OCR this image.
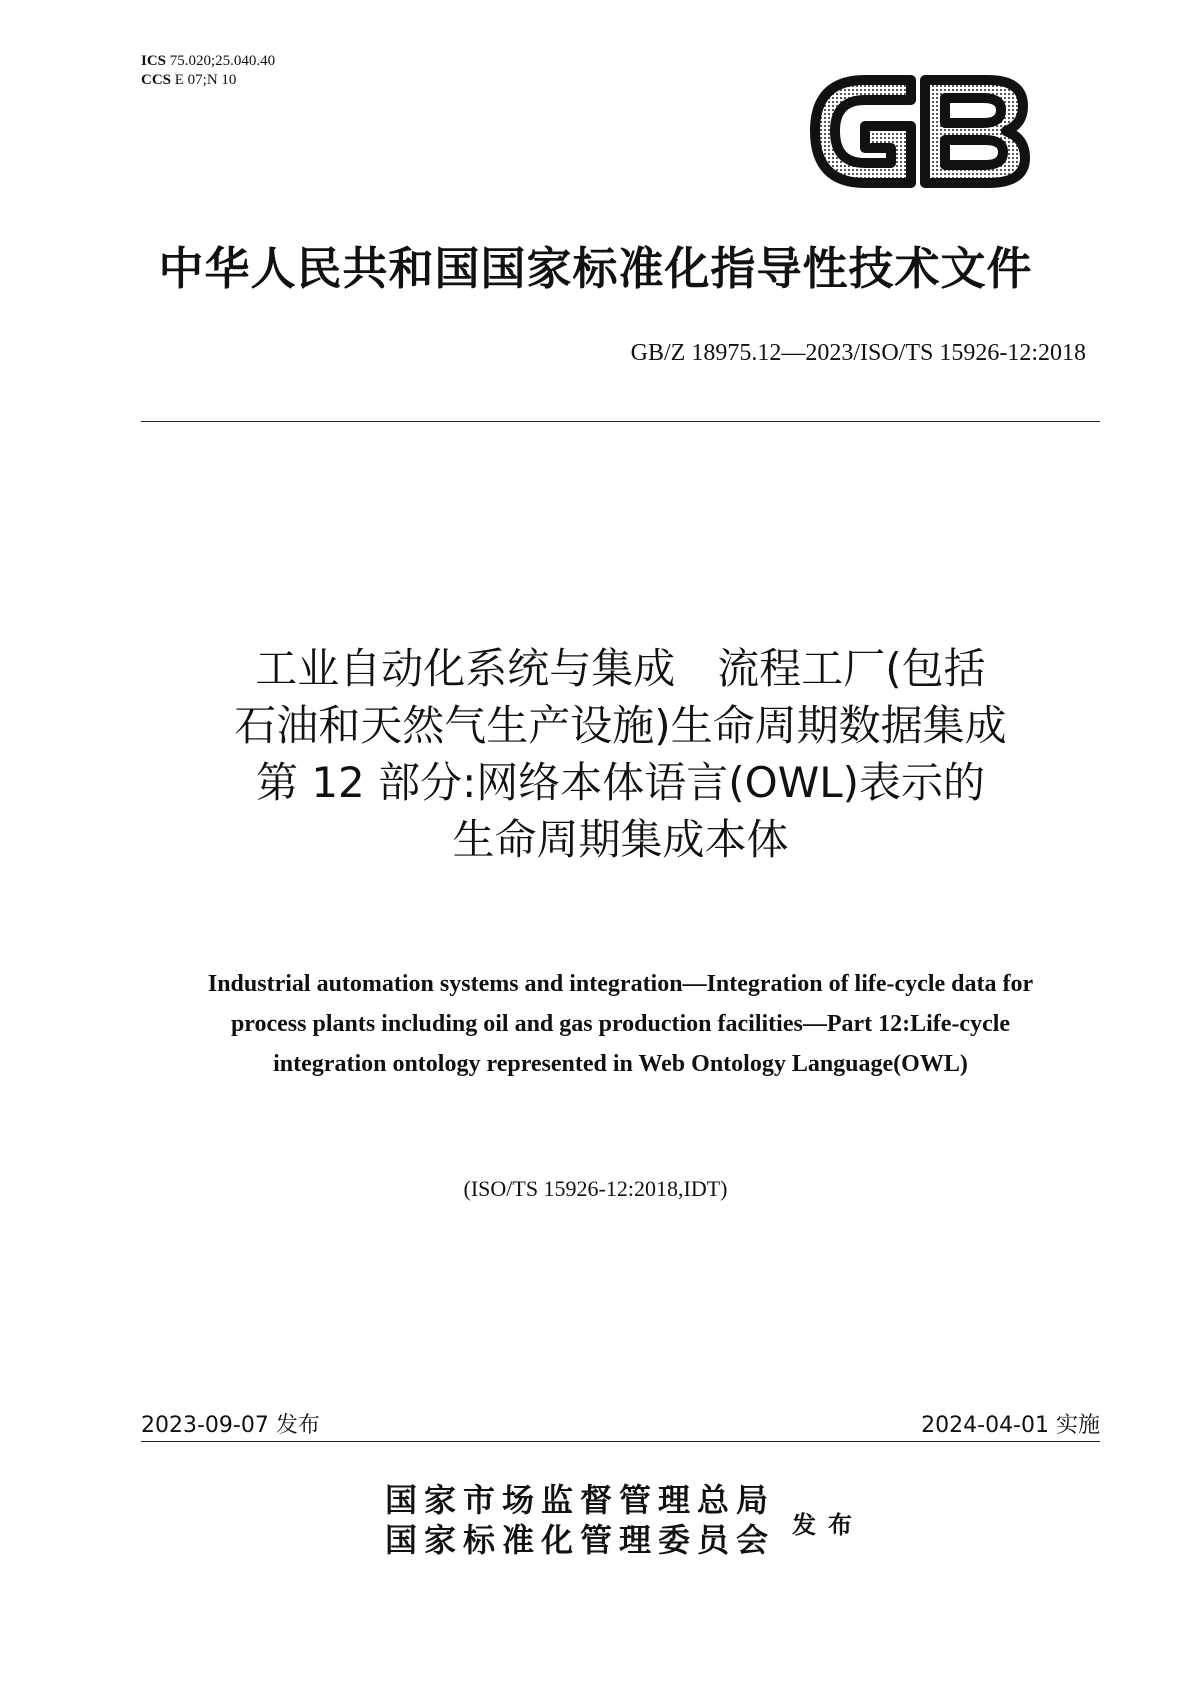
ICS 75.020;25.040.40
CCS E 07;N 10
中华人民共和国国家标准化指导性技术文件
GB/Z 18975.12—2023/ISO/TS 15926-12:2018
工业自动化系统与集成　流程工厂(包括
石油和天然气生产设施)生命周期数据集成
第 12 部分:网络本体语言(OWL)表示的
生命周期集成本体
Industrial automation systems and integration—Integration of life-cycle data for
process plants including oil and gas production facilities—Part 12:Life-cycle
integration ontology represented in Web Ontology Language(OWL)
(ISO/TS 15926-12:2018,IDT)
2023-09-07 发布	2024-04-01 实施
国家市场监督管理总局
国家标准化管理委员会 发布
